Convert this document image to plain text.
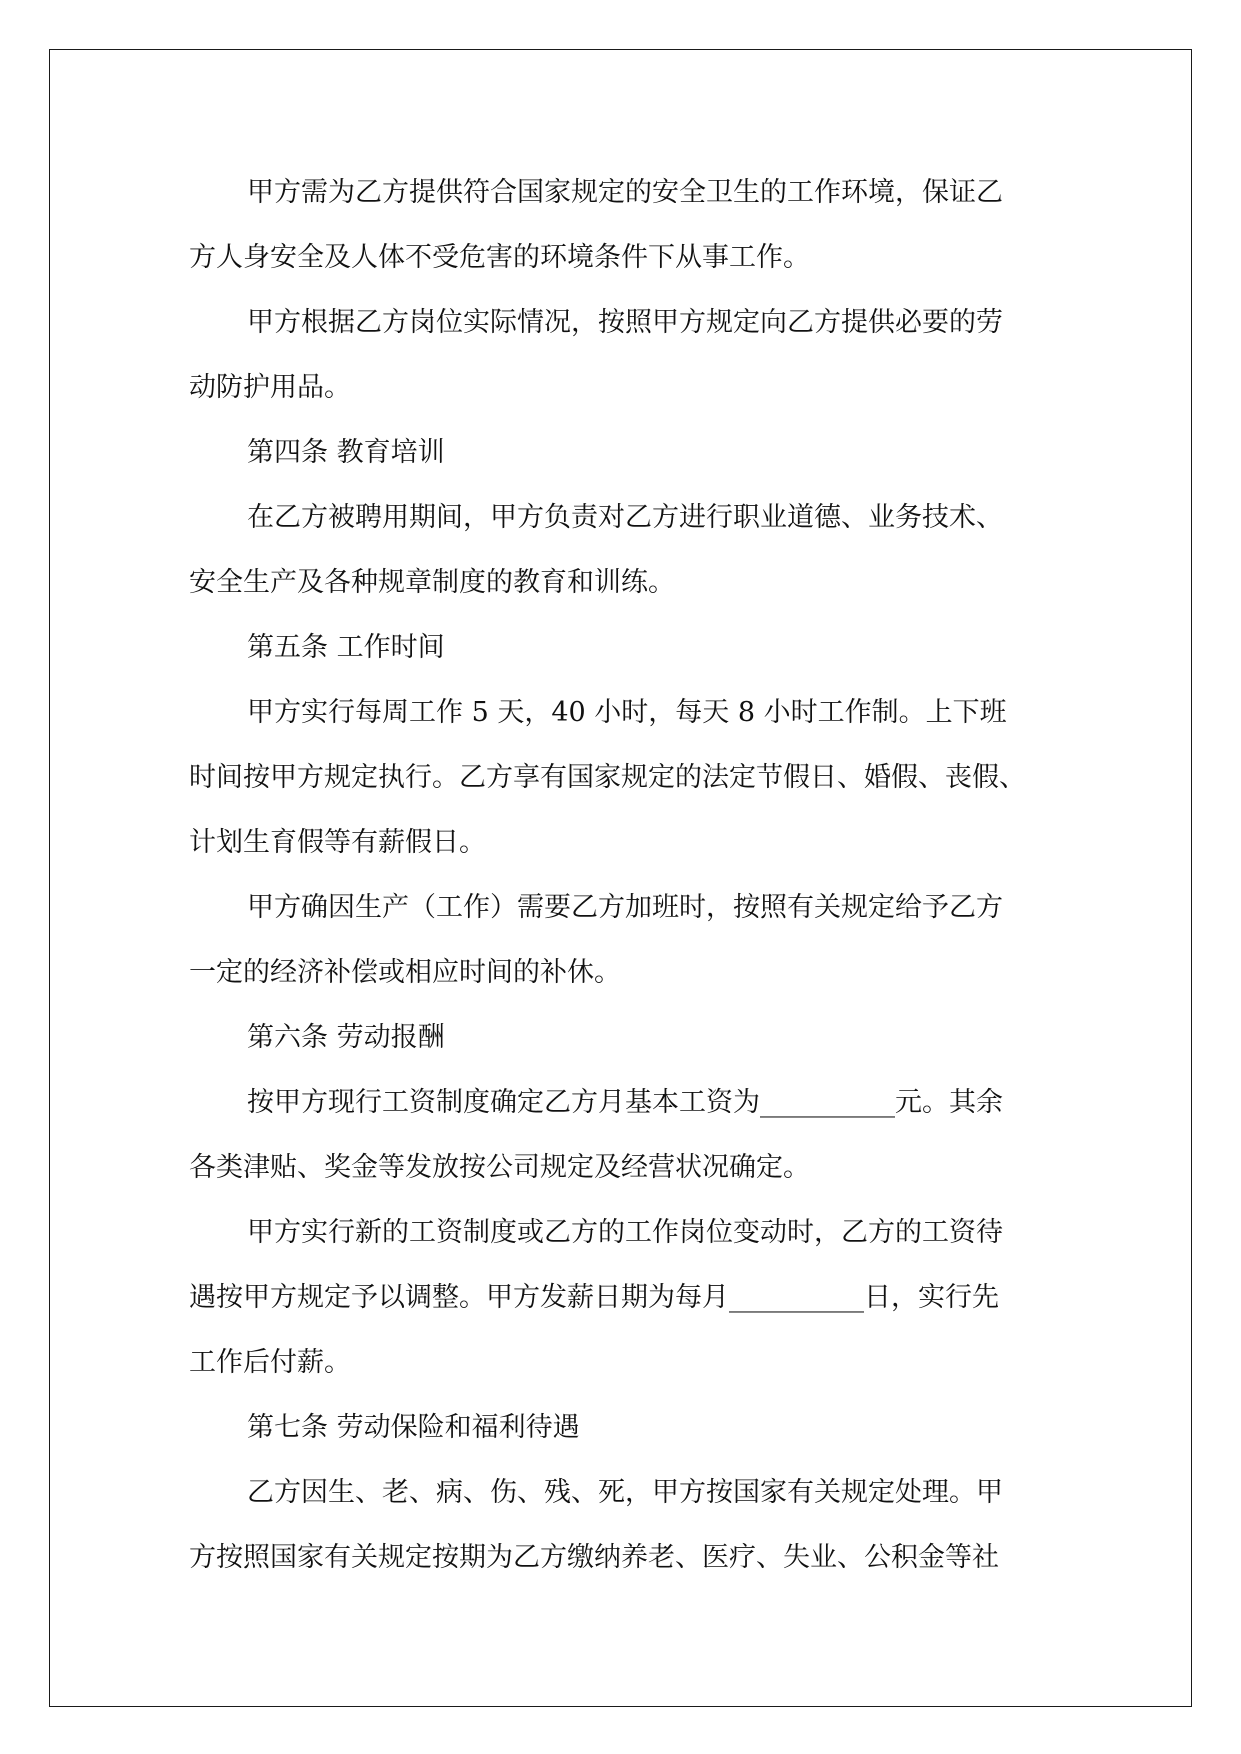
甲方需为乙方提供符合国家规定的安全卫生的工作环境，保证乙
方人身安全及人体不受危害的环境条件下从事工作。
甲方根据乙方岗位实际情况，按照甲方规定向乙方提供必要的劳
动防护用品。
第四条 教育培训
在乙方被聘用期间，甲方负责对乙方进行职业道德、业务技术、
安全生产及各种规章制度的教育和训练。
第五条 工作时间
甲方实行每周工作 5 天，40 小时，每天 8 小时工作制。上下班
时间按甲方规定执行。乙方享有国家规定的法定节假日、婚假、丧假、
计划生育假等有薪假日。
甲方确因生产（工作）需要乙方加班时，按照有关规定给予乙方
一定的经济补偿或相应时间的补休。
第六条 劳动报酬
按甲方现行工资制度确定乙方月基本工资为__________元。其余
各类津贴、奖金等发放按公司规定及经营状况确定。
甲方实行新的工资制度或乙方的工作岗位变动时，乙方的工资待
遇按甲方规定予以调整。甲方发薪日期为每月__________日，实行先
工作后付薪。
第七条 劳动保险和福利待遇
乙方因生、老、病、伤、残、死，甲方按国家有关规定处理。甲
方按照国家有关规定按期为乙方缴纳养老、医疗、失业、公积金等社
